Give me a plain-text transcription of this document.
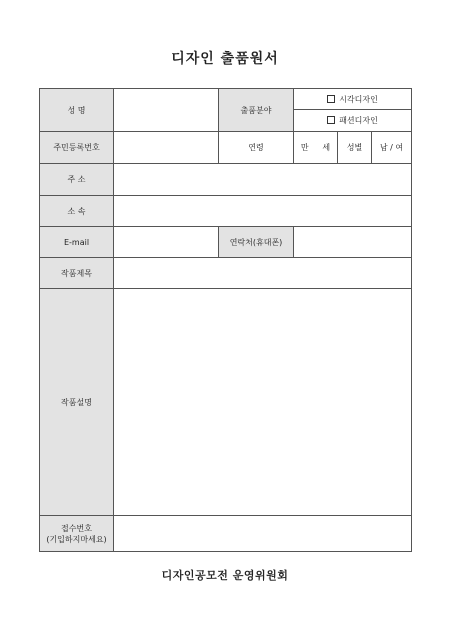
디자인 출품원서
성 명		출품분야	시각디자인			
			패션디자인			
주민등록번호		연령	만	세	성별	남 / 여
주 소						
소 속						
E-mail		연락처(휴대폰)				
작품제목						
작품설명						

접수번호
(기입하지마세요)						

디자인공모전 운영위원회
